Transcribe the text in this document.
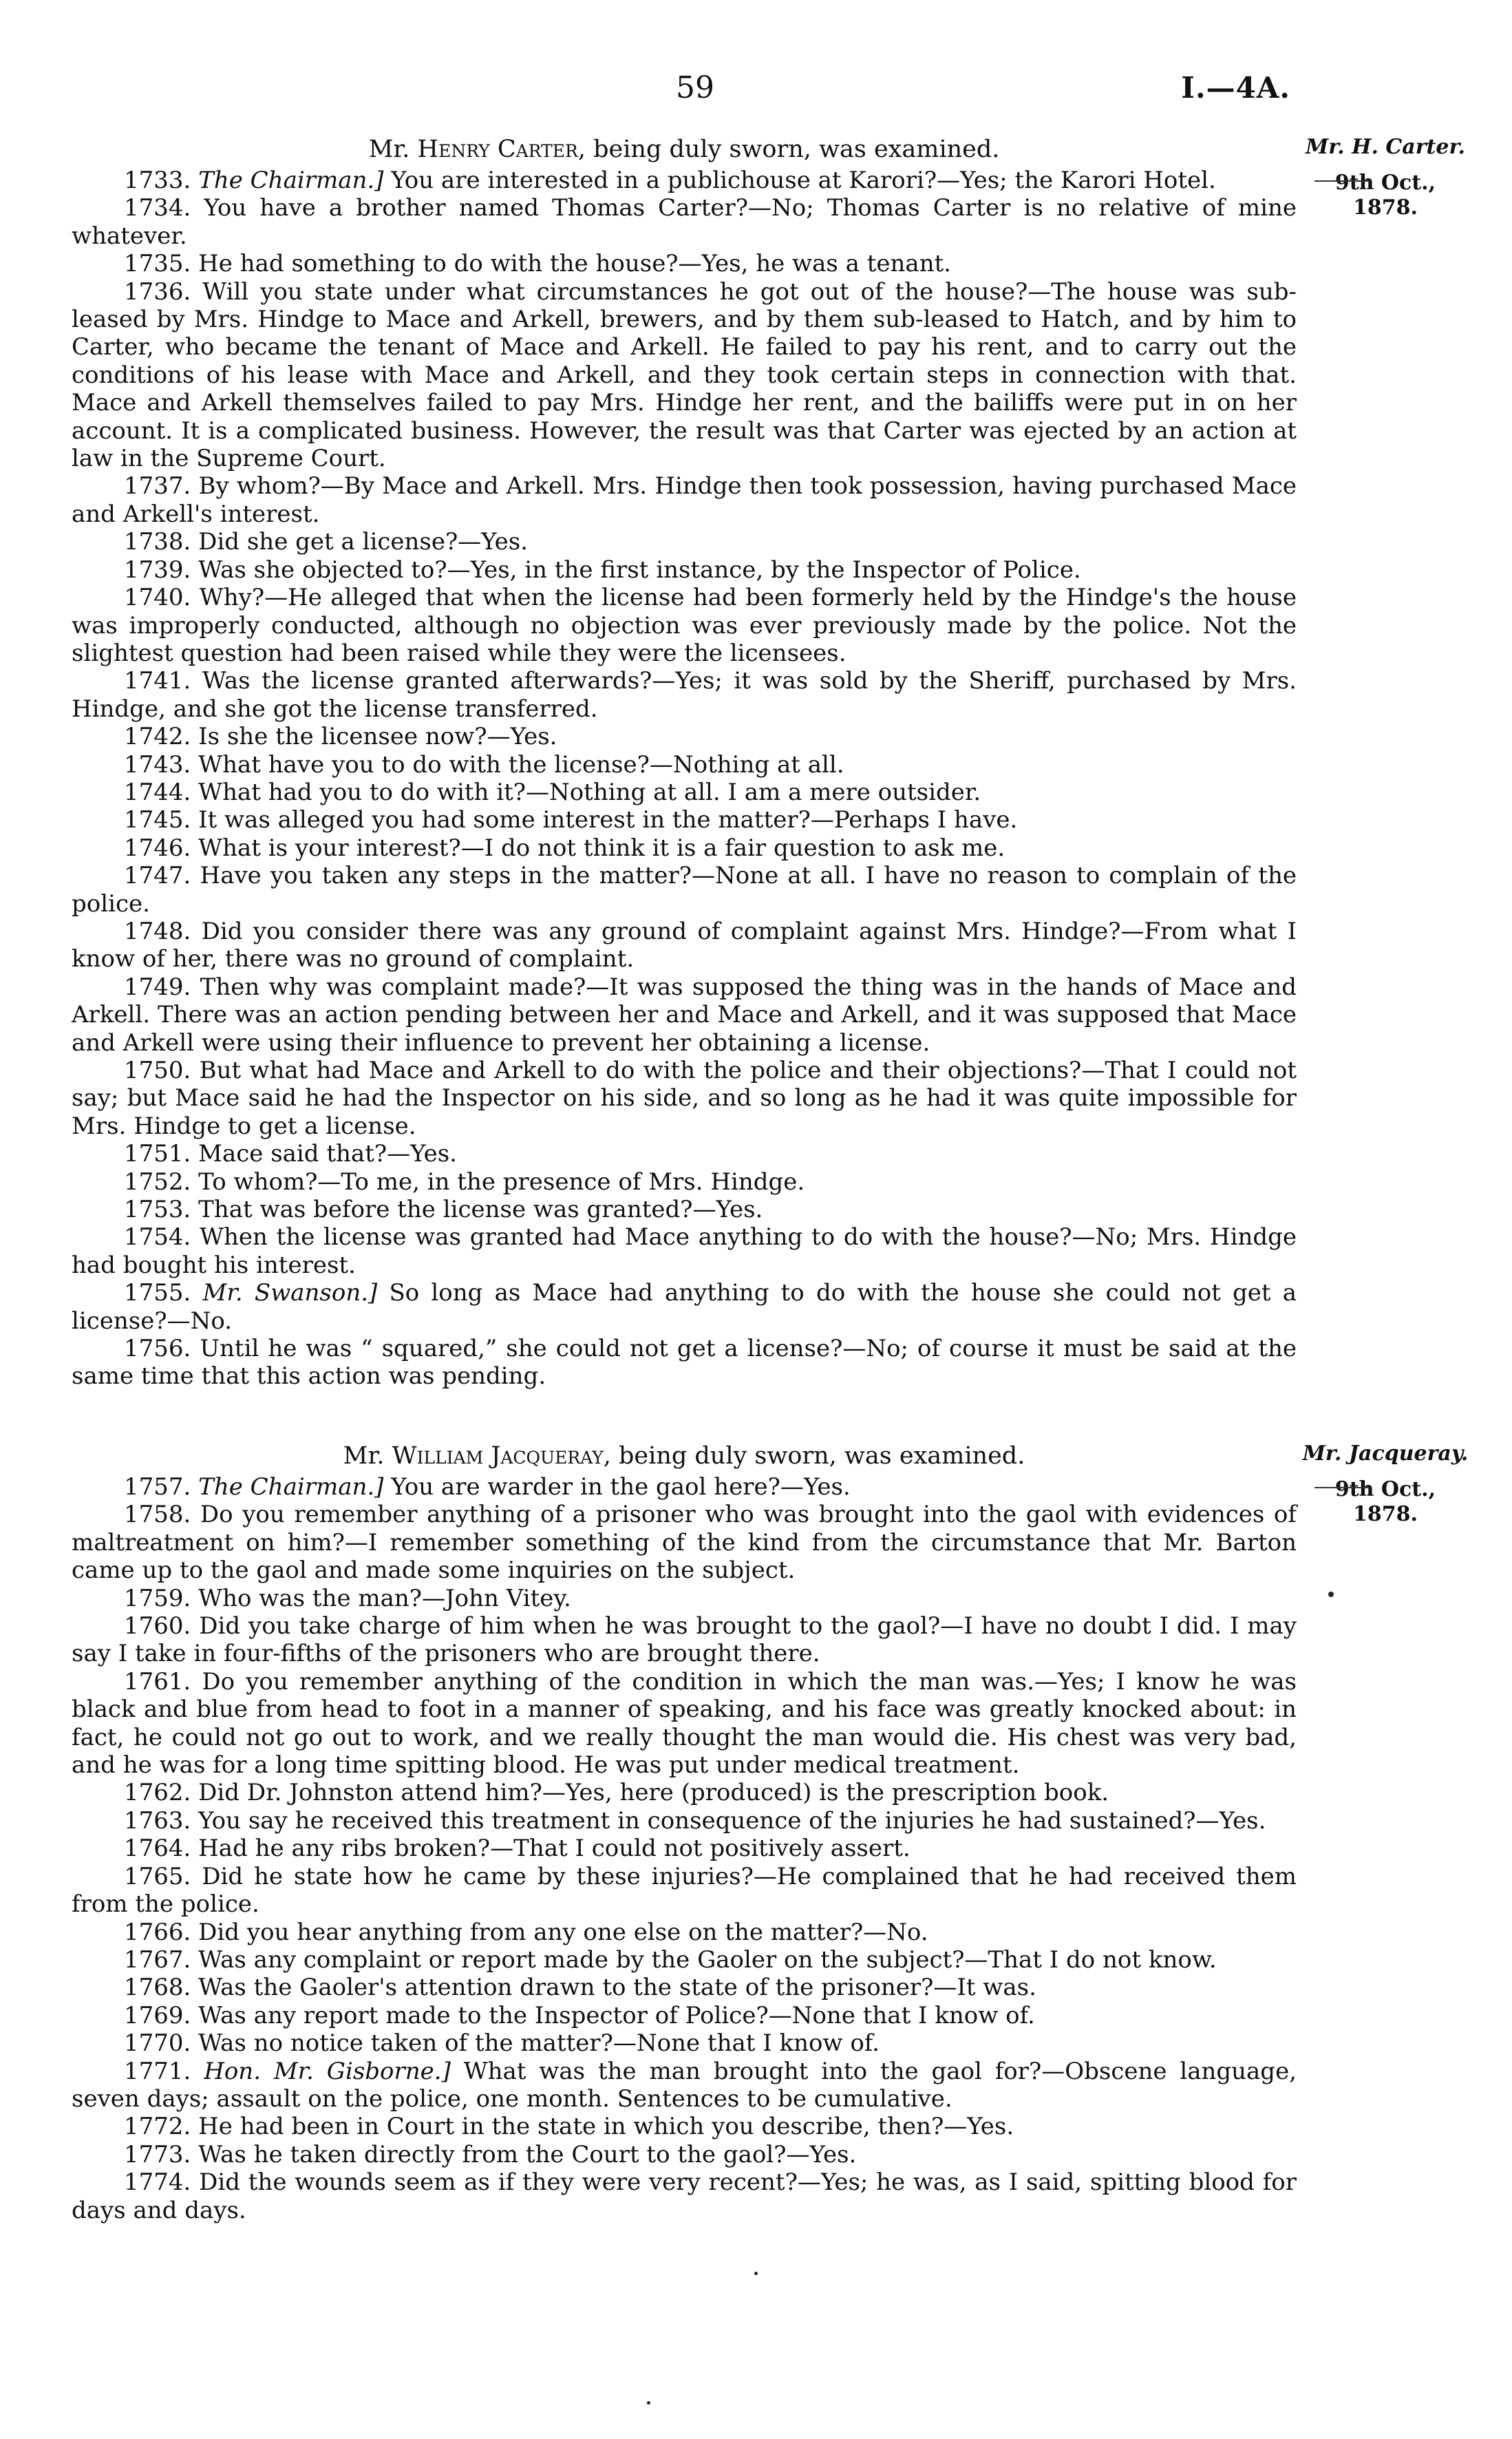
59	I.—4A.
Mr. H. Carter.
9th Oct., 1878.

Mr. Henry Carter, being duly sworn, was examined.

1733. The Chairman.] You are interested in a publichouse at Karori?—Yes; the Karori Hotel.

1734. You have a brother named Thomas Carter?—No; Thomas Carter is no relative of mine whatever.

1735. He had something to do with the house?—Yes, he was a tenant.

1736. Will you state under what circumstances he got out of the house?—The house was sub-leased by Mrs. Hindge to Mace and Arkell, brewers, and by them sub-leased to Hatch, and by him to Carter, who became the tenant of Mace and Arkell. He failed to pay his rent, and to carry out the conditions of his lease with Mace and Arkell, and they took certain steps in connection with that. Mace and Arkell themselves failed to pay Mrs. Hindge her rent, and the bailiffs were put in on her account. It is a complicated business. However, the result was that Carter was ejected by an action at law in the Supreme Court.

1737. By whom?—By Mace and Arkell. Mrs. Hindge then took possession, having purchased Mace and Arkell's interest.

1738. Did she get a license?—Yes.

1739. Was she objected to?—Yes, in the first instance, by the Inspector of Police.

1740. Why?—He alleged that when the license had been formerly held by the Hindge's the house was improperly conducted, although no objection was ever previously made by the police. Not the slightest question had been raised while they were the licensees.

1741. Was the license granted afterwards?—Yes; it was sold by the Sheriff, purchased by Mrs. Hindge, and she got the license transferred.

1742. Is she the licensee now?—Yes.

1743. What have you to do with the license?—Nothing at all.

1744. What had you to do with it?—Nothing at all. I am a mere outsider.

1745. It was alleged you had some interest in the matter?—Perhaps I have.

1746. What is your interest?—I do not think it is a fair question to ask me.

1747. Have you taken any steps in the matter?—None at all. I have no reason to complain of the police.

1748. Did you consider there was any ground of complaint against Mrs. Hindge?—From what I know of her, there was no ground of complaint.

1749. Then why was complaint made?—It was supposed the thing was in the hands of Mace and Arkell. There was an action pending between her and Mace and Arkell, and it was supposed that Mace and Arkell were using their influence to prevent her obtaining a license.

1750. But what had Mace and Arkell to do with the police and their objections?—That I could not say; but Mace said he had the Inspector on his side, and so long as he had it was quite impossible for Mrs. Hindge to get a license.

1751. Mace said that?—Yes.

1752. To whom?—To me, in the presence of Mrs. Hindge.

1753. That was before the license was granted?—Yes.

1754. When the license was granted had Mace anything to do with the house?—No; Mrs. Hindge had bought his interest.

1755. Mr. Swanson.] So long as Mace had anything to do with the house she could not get a license?—No.

1756. Until he was “ squared,” she could not get a license?—No; of course it must be said at the same time that this action was pending.

Mr. Jacqueray.
9th Oct., 1878.

Mr. William Jacqueray, being duly sworn, was examined.

1757. The Chairman.] You are warder in the gaol here?—Yes.

1758. Do you remember anything of a prisoner who was brought into the gaol with evidences of maltreatment on him?—I remember something of the kind from the circumstance that Mr. Barton came up to the gaol and made some inquiries on the subject.

1759. Who was the man?—John Vitey.

1760. Did you take charge of him when he was brought to the gaol?—I have no doubt I did. I may say I take in four-fifths of the prisoners who are brought there.

1761. Do you remember anything of the condition in which the man was.—Yes; I know he was black and blue from head to foot in a manner of speaking, and his face was greatly knocked about: in fact, he could not go out to work, and we really thought the man would die. His chest was very bad, and he was for a long time spitting blood. He was put under medical treatment.

1762. Did Dr. Johnston attend him?—Yes, here (produced) is the prescription book.

1763. You say he received this treatment in consequence of the injuries he had sustained?—Yes.

1764. Had he any ribs broken?—That I could not positively assert.

1765. Did he state how he came by these injuries?—He complained that he had received them from the police.

1766. Did you hear anything from any one else on the matter?—No.

1767. Was any complaint or report made by the Gaoler on the subject?—That I do not know.

1768. Was the Gaoler's attention drawn to the state of the prisoner?—It was.

1769. Was any report made to the Inspector of Police?—None that I know of.

1770. Was no notice taken of the matter?—None that I know of.

1771. Hon. Mr. Gisborne.] What was the man brought into the gaol for?—Obscene language, seven days; assault on the police, one month. Sentences to be cumulative.

1772. He had been in Court in the state in which you describe, then?—Yes.

1773. Was he taken directly from the Court to the gaol?—Yes.

1774. Did the wounds seem as if they were very recent?—Yes; he was, as I said, spitting blood for days and days.
